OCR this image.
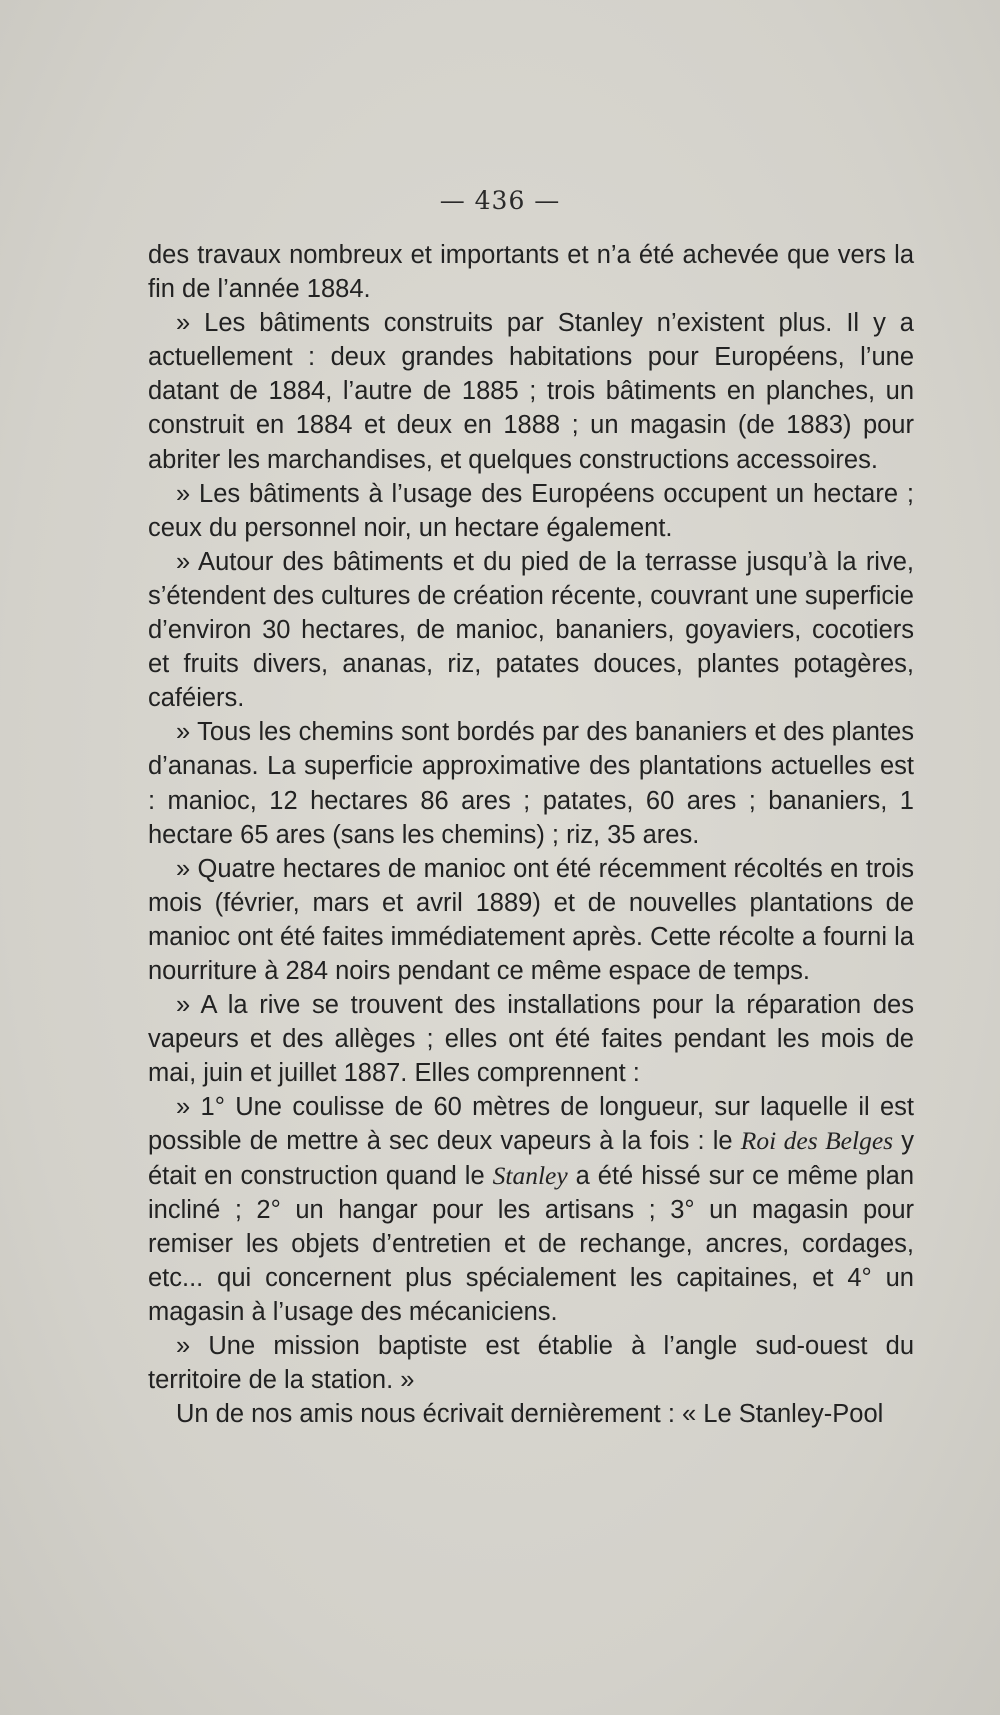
— 436 —

des travaux nombreux et importants et n’a été achevée que vers la fin de l’année 1884.

» Les bâtiments construits par Stanley n’existent plus. Il y a actuellement : deux grandes habitations pour Européens, l’une datant de 1884, l’autre de 1885 ; trois bâtiments en planches, un construit en 1884 et deux en 1888 ; un magasin (de 1883) pour abriter les marchandises, et quelques constructions accessoires.

» Les bâtiments à l’usage des Européens occupent un hectare ; ceux du personnel noir, un hectare également.

» Autour des bâtiments et du pied de la terrasse jusqu’à la rive, s’étendent des cultures de création récente, couvrant une superficie d’environ 30 hectares, de manioc, bananiers, goyaviers, cocotiers et fruits divers, ananas, riz, patates douces, plantes potagères, caféiers.

» Tous les chemins sont bordés par des bananiers et des plantes d’ananas. La superficie approximative des plantations actuelles est : manioc, 12 hectares 86 ares ; patates, 60 ares ; bananiers, 1 hectare 65 ares (sans les chemins) ; riz, 35 ares.

» Quatre hectares de manioc ont été récemment récoltés en trois mois (février, mars et avril 1889) et de nouvelles plantations de manioc ont été faites immédiatement après. Cette récolte a fourni la nourriture à 284 noirs pendant ce même espace de temps.

» A la rive se trouvent des installations pour la réparation des vapeurs et des allèges ; elles ont été faites pendant les mois de mai, juin et juillet 1887. Elles comprennent :

» 1° Une coulisse de 60 mètres de longueur, sur laquelle il est possible de mettre à sec deux vapeurs à la fois : le Roi des Belges y était en construction quand le Stanley a été hissé sur ce même plan incliné ; 2° un hangar pour les artisans ; 3° un magasin pour remiser les objets d’entretien et de rechange, ancres, cordages, etc... qui concernent plus spécialement les capitaines, et 4° un magasin à l’usage des mécaniciens.

» Une mission baptiste est établie à l’angle sud-ouest du territoire de la station. »

Un de nos amis nous écrivait dernièrement : « Le Stanley-Pool
